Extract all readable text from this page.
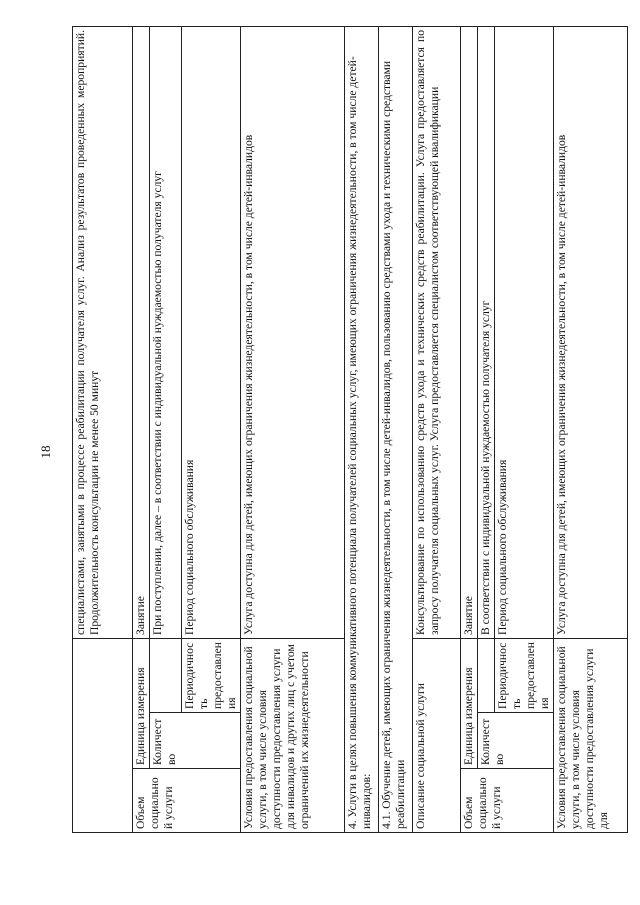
18
			специалистами, занятыми в процессе реабилитации получателя услуг. Анализ результатов проведенных мероприятий. Продолжительность консультации не менее 50 минут
Объем социальной услуги	Единица измерения		Занятие
	Количество		При поступлении, далее – в соответствии с индивидуальной нуждаемостью получателя услуг
		Периодичность предоставления	Период социального обслуживания
Условия предоставления социальной услуги, в том числе условия доступности предоставления услуги для инвалидов и других лиц с учетом ограничений их жизнедеятельности			Услуга доступна для детей, имеющих ограничения жизнедеятельности, в том числе детей-инвалидов
4. Услуги в целях повышения коммуникативного потенциала получателей социальных услуг, имеющих ограничения жизнедеятельности, в том числе детей-инвалидов:			
4.1. Обучение детей, имеющих ограничения жизнедеятельности, в том числе детей-инвалидов, пользованию средствами ухода и техническими средствами реабилитации			
Описание социальной услуги			Консультирование по использованию средств ухода и технических средств реабилитации. Услуга предоставляется по запросу получателя социальных услуг. Услуга предоставляется специалистом соответствующей квалификации
Объем социальной услуги	Единица измерения		Занятие
	Количество		В соответствии с индивидуальной нуждаемостью получателя услуг
		Периодичность предоставления	Период социального обслуживания
Условия предоставления социальной услуги, в том числе условия доступности предоставления услуги для			Услуга доступна для детей, имеющих ограничения жизнедеятельности, в том числе детей-инвалидов
